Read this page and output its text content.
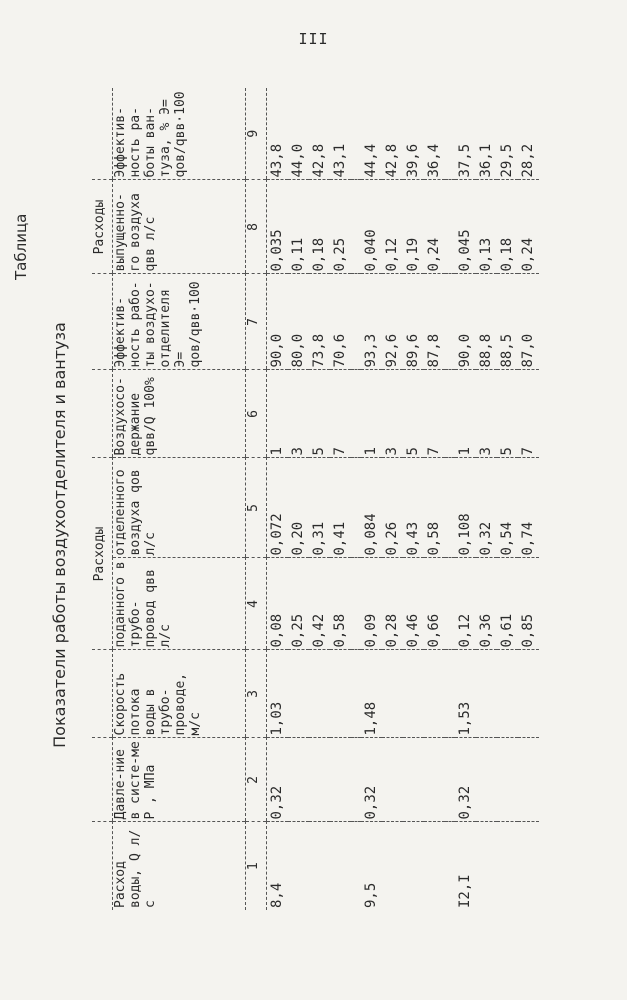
III
Таблица
Показатели работы воздухоотделителя и вантуза
			Расходы				Расходы	
Расход воды, Q л/с	Давле-ние в систе-ме P , МПа	Скорость потока воды в трубо-проводе, м/с	поданного в трубо-провод qвв л/с	отделенного воздуха qов л/с	Воздухосо-держание qвв/Q 100%	Эффектив-ность рабо-ты воздухо-отделителя Э= qов/qвв·100	выпущенно-го воздуха qвв л/с	Эффектив-ность ра-боты ван-туза, % Э= qов/qвв·100
1	2	3	4	5	6	7	8	9
8,4	0,32	1,03	0,08	0,072	1	90,0	0,035	43,8
			0,25	0,20	3	80,0	0,11	44,0
			0,42	0,31	5	73,8	0,18	42,8
			0,58	0,41	7	70,6	0,25	43,1

9,5	0,32	1,48	0,09	0,084	1	93,3	0,040	44,4
			0,28	0,26	3	92,6	0,12	42,8
			0,46	0,43	5	89,6	0,19	39,6
			0,66	0,58	7	87,8	0,24	36,4

I2,I	0,32	1,53	0,12	0,108	1	90,0	0,045	37,5
			0,36	0,32	3	88,8	0,13	36,1
			0,61	0,54	5	88,5	0,18	29,5
			0,85	0,74	7	87,0	0,24	28,2
